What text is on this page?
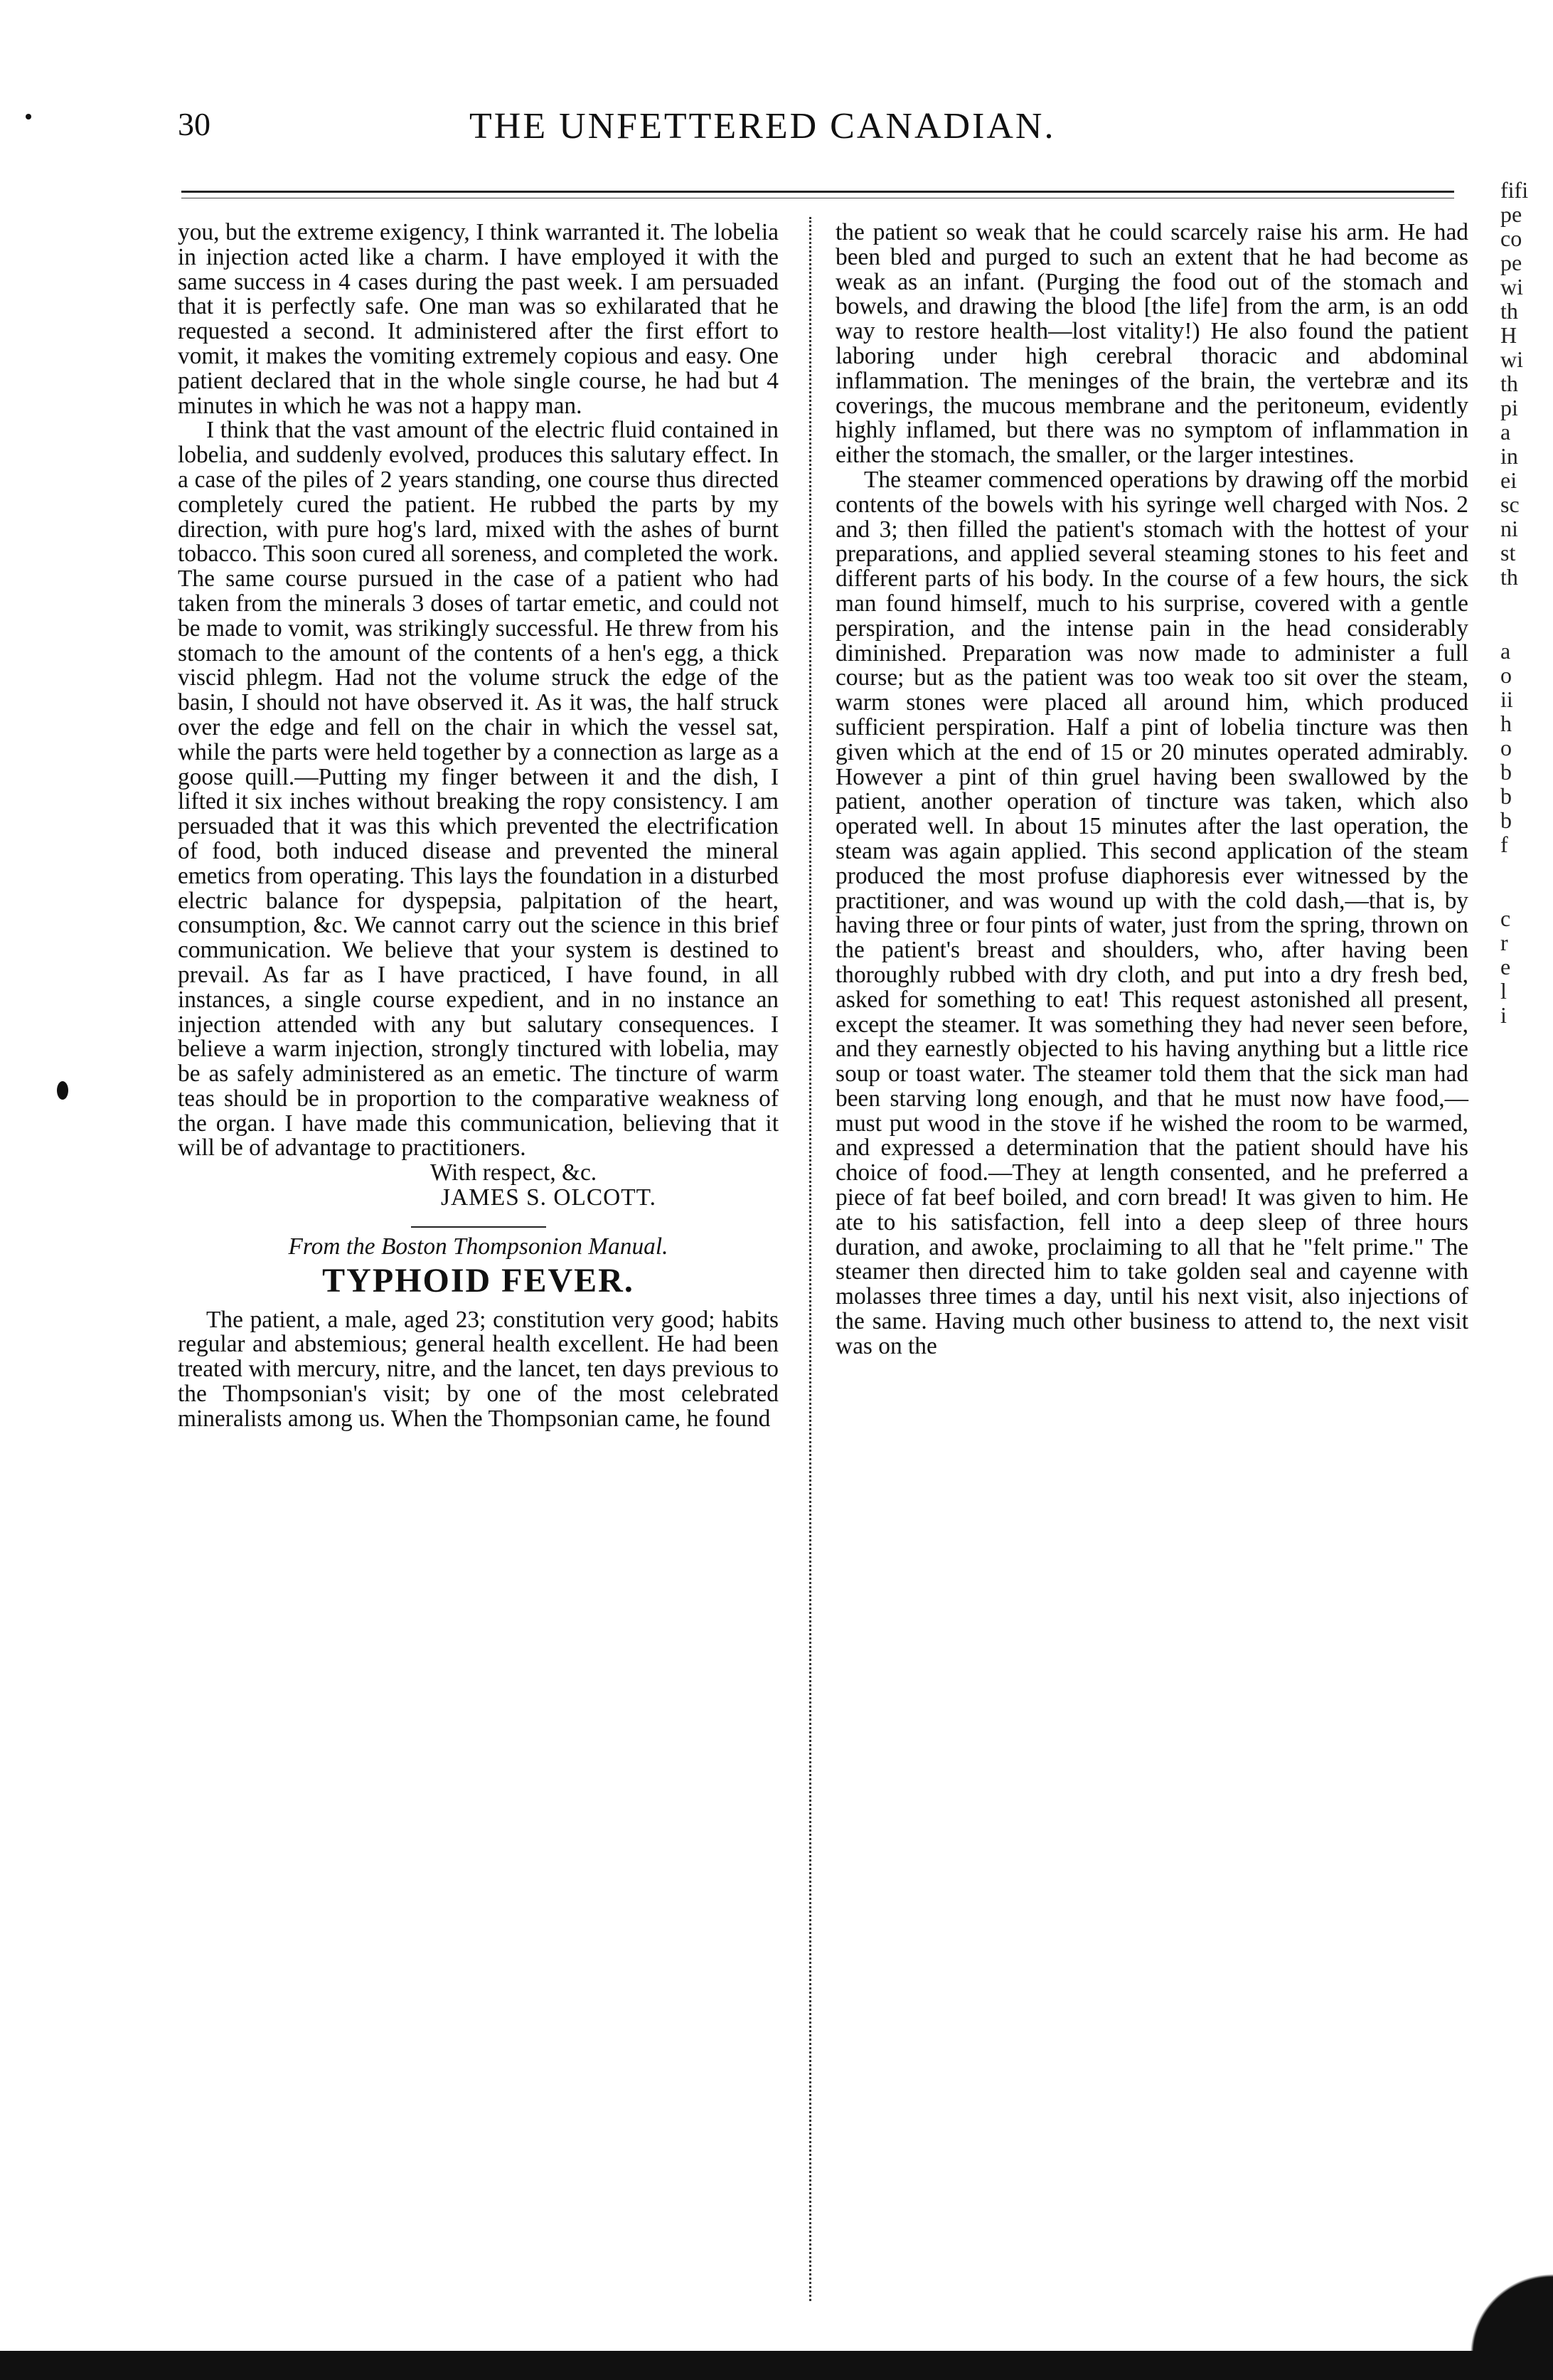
30	THE UNFETTERED CANADIAN.

you, but the extreme exigency, I think warranted it. The lobelia in injection acted like a charm. I have employed it with the same success in 4 cases during the past week. I am persuaded that it is perfectly safe. One man was so exhilarated that he requested a second. It administered after the first effort to vomit, it makes the vomiting extremely copious and easy. One patient declared that in the whole single course, he had but 4 minutes in which he was not a happy man.

I think that the vast amount of the electric fluid contained in lobelia, and suddenly evolved, produces this salutary effect. In a case of the piles of 2 years standing, one course thus directed completely cured the patient. He rubbed the parts by my direction, with pure hog's lard, mixed with the ashes of burnt tobacco. This soon cured all soreness, and completed the work. The same course pursued in the case of a patient who had taken from the minerals 3 doses of tartar emetic, and could not be made to vomit, was strikingly successful. He threw from his stomach to the amount of the contents of a hen's egg, a thick viscid phlegm. Had not the volume struck the edge of the basin, I should not have observed it. As it was, the half struck over the edge and fell on the chair in which the vessel sat, while the parts were held together by a connection as large as a goose quill.—Putting my finger between it and the dish, I lifted it six inches without breaking the ropy consistency. I am persuaded that it was this which prevented the electrification of food, both induced disease and prevented the mineral emetics from operating. This lays the foundation in a disturbed electric balance for dyspepsia, palpitation of the heart, consumption, &c. We cannot carry out the science in this brief communication. We believe that your system is destined to prevail. As far as I have practiced, I have found, in all instances, a single course expedient, and in no instance an injection attended with any but salutary consequences. I believe a warm injection, strongly tinctured with lobelia, may be as safely administered as an emetic. The tincture of warm teas should be in proportion to the comparative weakness of the organ. I have made this communication, believing that it will be of advantage to practitioners.

With respect, &c.

JAMES S. OLCOTT.

From the Boston Thompsonion Manual.

TYPHOID FEVER.

The patient, a male, aged 23; constitution very good; habits regular and abstemious; general health excellent. He had been treated with mercury, nitre, and the lancet, ten days previous to the Thompsonian's visit; by one of the most celebrated mineralists among us. When the Thompsonian came, he found

the patient so weak that he could scarcely raise his arm. He had been bled and purged to such an extent that he had become as weak as an infant. (Purging the food out of the stomach and bowels, and drawing the blood [the life] from the arm, is an odd way to restore health—lost vitality!) He also found the patient laboring under high cerebral thoracic and abdominal inflammation. The meninges of the brain, the vertebræ and its coverings, the mucous membrane and the peritoneum, evidently highly inflamed, but there was no symptom of inflammation in either the stomach, the smaller, or the larger intestines.

The steamer commenced operations by drawing off the morbid contents of the bowels with his syringe well charged with Nos. 2 and 3; then filled the patient's stomach with the hottest of your preparations, and applied several steaming stones to his feet and different parts of his body. In the course of a few hours, the sick man found himself, much to his surprise, covered with a gentle perspiration, and the intense pain in the head considerably diminished. Preparation was now made to administer a full course; but as the patient was too weak too sit over the steam, warm stones were placed all around him, which produced sufficient perspiration. Half a pint of lobelia tincture was then given which at the end of 15 or 20 minutes operated admirably. However a pint of thin gruel having been swallowed by the patient, another operation of tincture was taken, which also operated well. In about 15 minutes after the last operation, the steam was again applied. This second application of the steam produced the most profuse diaphoresis ever witnessed by the practitioner, and was wound up with the cold dash,—that is, by having three or four pints of water, just from the spring, thrown on the patient's breast and shoulders, who, after having been thoroughly rubbed with dry cloth, and put into a dry fresh bed, asked for something to eat! This request astonished all present, except the steamer. It was something they had never seen before, and they earnestly objected to his having anything but a little rice soup or toast water. The steamer told them that the sick man had been starving long enough, and that he must now have food,—must put wood in the stove if he wished the room to be warmed, and expressed a determination that the patient should have his choice of food.—They at length consented, and he preferred a piece of fat beef boiled, and corn bread! It was given to him. He ate to his satisfaction, fell into a deep sleep of three hours duration, and awoke, proclaiming to all that he "felt prime." The steamer then directed him to take golden seal and cayenne with molasses three times a day, until his next visit, also injections of the same. Having much other business to attend to, the next visit was on the

fifi
pe
co
pe
wi
th
H
wi
th
pi
a
in
ei
sc
ni
st
th
a
o
ii
h
o
b
b
b
f
c
r
e
l
i
